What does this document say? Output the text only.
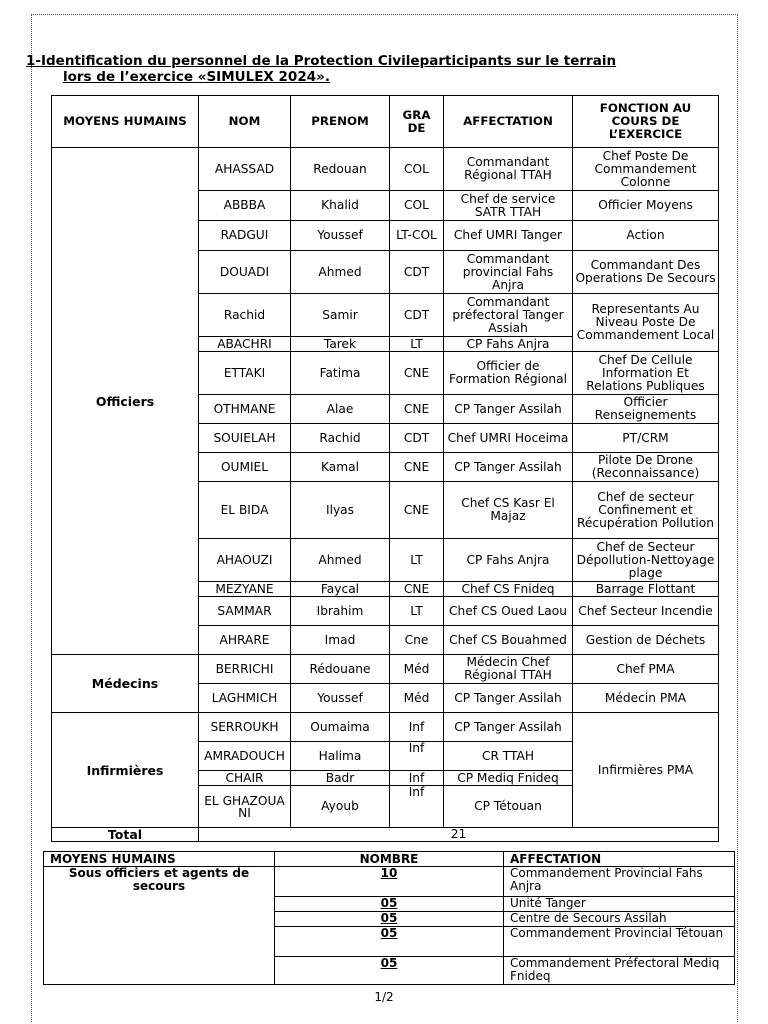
1-Identification du personnel de la Protection Civileparticipants sur le terrain
lors de l’exercice «SIMULEX 2024».
MOYENS HUMAINS	NOM	PRENOM	GRA DE	AFFECTATION	FONCTION AU COURS DE L’EXERCICE
Officiers	AHASSAD	Redouan	COL	Commandant Régional TTAH	Chef Poste De Commandement Colonne
	ABBBA	Khalid	COL	Chef de service SATR TTAH	Officier Moyens
	RADGUI	Youssef	LT-COL	Chef UMRI Tanger	Action
	DOUADI	Ahmed	CDT	Commandant provincial Fahs Anjra	Commandant Des Operations De Secours
	Rachid	Samir	CDT	Commandant préfectoral Tanger Assiah	Representants Au Niveau Poste De Commandement Local
	ABACHRI	Tarek	LT	CP Fahs Anjra	
	ETTAKI	Fatima	CNE	Officier de Formation Régional	Chef De Cellule Information Et Relations Publiques
	OTHMANE	Alae	CNE	CP Tanger Assilah	Officier Renseignements
	SOUIELAH	Rachid	CDT	Chef UMRI Hoceima	PT/CRM
	OUMIEL	Kamal	CNE	CP Tanger Assilah	Pilote De Drone (Reconnaissance)
	EL BIDA	Ilyas	CNE	Chef CS Kasr El Majaz	Chef de secteur Confinement et Récupération Pollution
	AHAOUZI	Ahmed	LT	CP Fahs Anjra	Chef de Secteur Dépollution-Nettoyage plage
	MEZYANE	Faycal	CNE	Chef CS Fnideq	Barrage Flottant
	SAMMAR	Ibrahim	LT	Chef CS Oued Laou	Chef Secteur Incendie
	AHRARE	Imad	Cne	Chef CS Bouahmed	Gestion de Déchets
Médecins	BERRICHI	Rédouane	Méd	Médecin Chef Régional TTAH	Chef PMA
	LAGHMICH	Youssef	Méd	CP Tanger Assilah	Médecin PMA
Infirmières	SERROUKH	Oumaima	Inf	CP Tanger Assilah	Infirmières PMA
	AMRADOUCH	Halima	Inf	CR TTAH	
	CHAIR	Badr	Inf	CP Mediq Fnideq	
	EL GHAZOUANI	Ayoub	Inf	CP Tétouan	
Total	21				
MOYENS HUMAINS	NOMBRE	AFFECTATION
Sous officiers et agents de secours	10	Commandement Provincial Fahs Anjra
	05	Unité Tanger
	05	Centre de Secours Assilah
	05	Commandement Provincial Tétouan
	05	Commandement Préfectoral Mediq Fnideq
1/2
